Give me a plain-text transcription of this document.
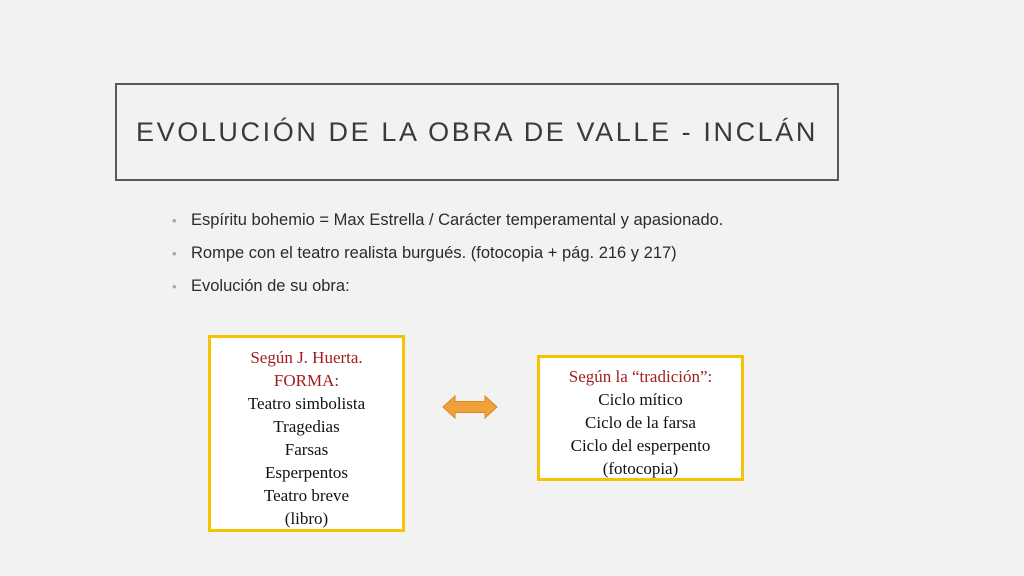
EVOLUCIÓN DE LA OBRA DE VALLE - INCLÁN
• Espíritu bohemio = Max Estrella / Carácter temperamental y apasionado.
• Rompe con el teatro realista burgués. (fotocopia + pág. 216 y 217)
• Evolución de su obra:
Según J. Huerta.
FORMA:
Teatro simbolista
Tragedias
Farsas
Esperpentos
Teatro breve
(libro)
Según la “tradición”:
Ciclo mítico
Ciclo de la farsa
Ciclo del esperpento
(fotocopia)
